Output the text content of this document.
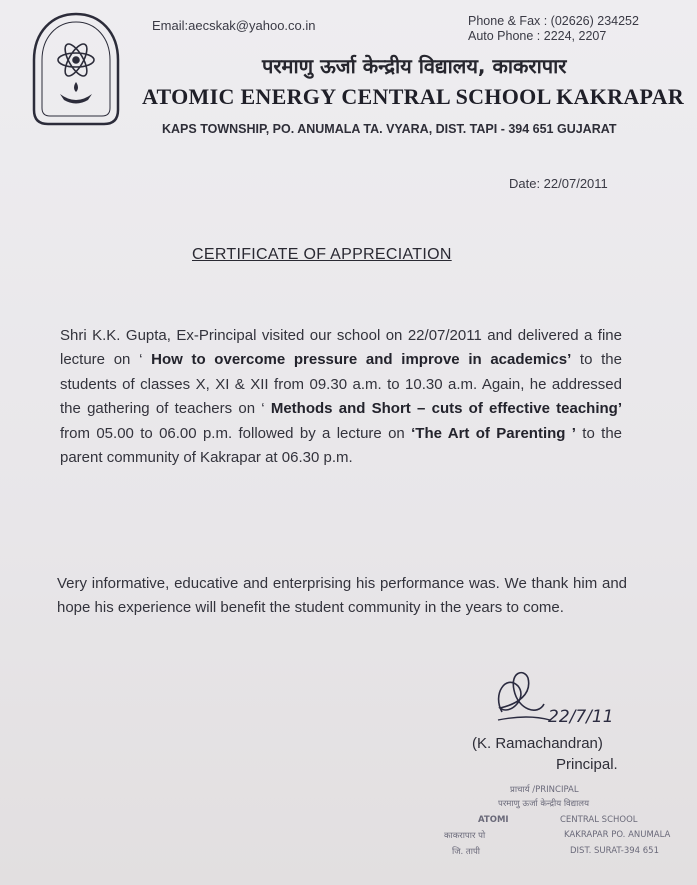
Email:aecskak@yahoo.co.in	Phone & Fax : (02626) 234252
Auto Phone : 2224, 2207
परमाणु ऊर्जा केन्द्रीय विद्यालय, काकरापार
ATOMIC ENERGY CENTRAL SCHOOL KAKRAPAR
KAPS TOWNSHIP, PO. ANUMALA TA. VYARA, DIST. TAPI - 394 651 GUJARAT
Date: 22/07/2011
CERTIFICATE OF APPRECIATION
Shri K.K. Gupta, Ex-Principal visited our school on 22/07/2011 and delivered a fine lecture on ‘ How to overcome pressure and improve in academics’ to the students of classes X, XI & XII from 09.30 a.m. to 10.30 a.m. Again, he addressed the gathering of teachers on ‘ Methods and Short – cuts of effective teaching’ from 05.00 to 06.00 p.m. followed by a lecture on ‘The Art of Parenting ’ to the parent community of Kakrapar at 06.30 p.m.
Very informative, educative and enterprising his performance was. We thank him and hope his experience will benefit the student community in the years to come.
22/7/11
(K. Ramachandran)
Principal.
प्राचार्य /PRINCIPAL
परमाणु ऊर्जा केन्द्रीय विद्यालय
ATOMI	CENTRAL SCHOOL
काकरापार पो	KAKRAPAR PO. ANUMALA
जि. तापी	DIST. SURAT-394 651
